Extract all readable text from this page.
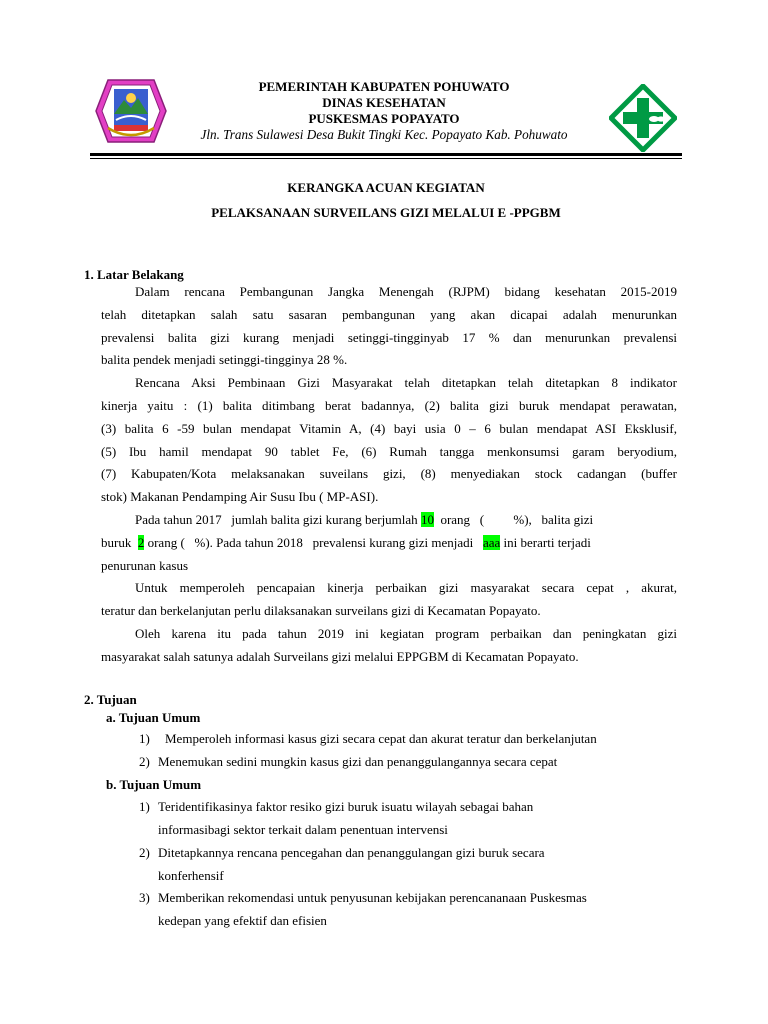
PEMERINTAH KABUPATEN POHUWATO
DINAS KESEHATAN
PUSKESMAS POPAYATO
Jln. Trans Sulawesi Desa Bukit Tingki Kec. Popayato Kab. Pohuwato
KERANGKA ACUAN KEGIATAN
PELAKSANAAN SURVEILANS GIZI MELALUI E -PPGBM
1. Latar Belakang
Dalam rencana Pembangunan Jangka Menengah (RJPM) bidang kesehatan 2015-2019
telah ditetapkan salah satu sasaran pembangunan yang akan dicapai adalah menurunkan
prevalensi balita gizi kurang menjadi setinggi-tingginyab 17 % dan menurunkan prevalensi
balita pendek menjadi setinggi-tingginya 28 %.
Rencana Aksi Pembinaan Gizi Masyarakat telah ditetapkan telah ditetapkan 8 indikator
kinerja yaitu : (1) balita ditimbang berat badannya, (2) balita gizi buruk mendapat perawatan,
(3) balita 6 -59 bulan mendapat Vitamin A, (4) bayi usia 0 – 6 bulan mendapat ASI Eksklusif,
(5) Ibu hamil mendapat 90 tablet Fe, (6) Rumah tangga menkonsumsi garam beryodium,
(7) Kabupaten/Kota melaksanakan suveilans gizi, (8) menyediakan stock cadangan (buffer
stok) Makanan Pendamping Air Susu Ibu ( MP-ASI).
Pada tahun 2017   jumlah balita gizi kurang berjumlah 10  orang   (         %),   balita gizi
buruk  2 orang (   %). Pada tahun 2018   prevalensi kurang gizi menjadi   aaa ini berarti terjadi
penurunan kasus
Untuk memperoleh pencapaian kinerja perbaikan gizi masyarakat secara cepat , akurat,
teratur dan berkelanjutan perlu dilaksanakan surveilans gizi di Kecamatan Popayato.
Oleh karena itu pada tahun 2019 ini kegiatan program perbaikan dan peningkatan gizi
masyarakat salah satunya adalah Surveilans gizi melalui EPPGBM di Kecamatan Popayato.
2. Tujuan
a. Tujuan Umum
1) Memperoleh informasi kasus gizi secara cepat dan akurat teratur dan berkelanjutan
2) Menemukan sedini mungkin kasus gizi dan penanggulangannya secara cepat
b. Tujuan Umum
1) Teridentifikasinya faktor resiko gizi buruk isuatu wilayah sebagai bahan
informasibagi sektor terkait dalam penentuan intervensi
2) Ditetapkannya rencana pencegahan dan penanggulangan gizi buruk secara
konferhensif
3) Memberikan rekomendasi untuk penyusunan kebijakan perencananaan Puskesmas
kedepan yang efektif dan efisien
